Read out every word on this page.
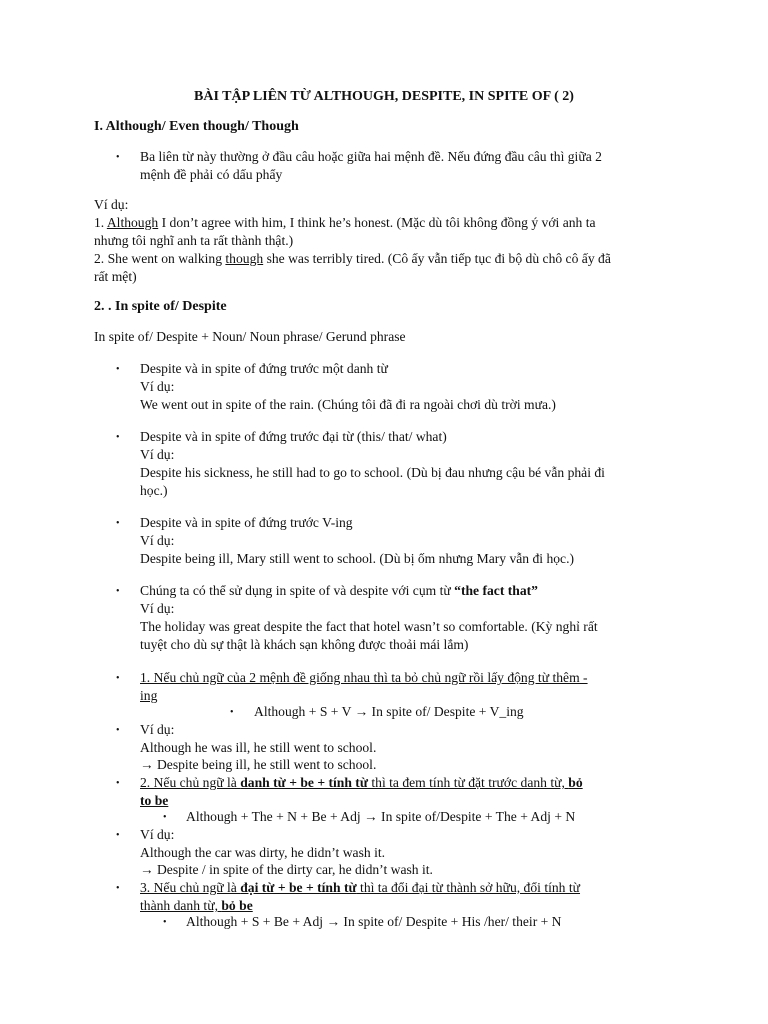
BÀI TẬP LIÊN TỪ ALTHOUGH, DESPITE, IN SPITE OF ( 2)
I. Although/ Even though/ Though
• Ba liên từ này thường ở đầu câu hoặc giữa hai mệnh đề. Nếu đứng đầu câu thì giữa 2
mệnh đề phải có dấu phẩy
Ví dụ:
1. Although I don’t agree with him, I think he’s honest. (Mặc dù tôi không đồng ý với anh ta
nhưng tôi nghĩ anh ta rất thành thật.)
2. She went on walking though she was terribly tired. (Cô ấy vẫn tiếp tục đi bộ dù chô cô ấy đã
rất mệt)
2. . In spite of/ Despite
In spite of/ Despite + Noun/ Noun phrase/ Gerund phrase
• Despite và in spite of đứng trước một danh từ
Ví dụ:
We went out in spite of the rain. (Chúng tôi đã đi ra ngoài chơi dù trời mưa.)
• Despite và in spite of đứng trước đại từ (this/ that/ what)
Ví dụ:
Despite his sickness, he still had to go to school. (Dù bị đau nhưng cậu bé vẫn phải đi
học.)
• Despite và in spite of đứng trước V-ing
Ví dụ:
Despite being ill, Mary still went to school. (Dù bị ốm nhưng Mary vẫn đi học.)
• Chúng ta có thể sử dụng in spite of và despite với cụm từ “the fact that”
Ví dụ:
The holiday was great despite the fact that hotel wasn’t so comfortable. (Kỳ nghỉ rất
tuyệt cho dù sự thật là khách sạn không được thoải mái lắm)
• 1. Nếu chủ ngữ của 2 mệnh đề giống nhau thì ta bỏ chủ ngữ rồi lấy động từ thêm -
ing
• Although + S + V → In spite of/ Despite + V_ing
• Ví dụ:
Although he was ill, he still went to school.
→ Despite being ill, he still went to school.
• 2. Nếu chủ ngữ là danh từ + be + tính từ thì ta đem tính từ đặt trước danh từ, bỏ
to be
• Although + The + N + Be + Adj → In spite of/Despite + The + Adj + N
• Ví dụ:
Although the car was dirty, he didn’t wash it.
→ Despite / in spite of the dirty car, he didn’t wash it.
• 3. Nếu chủ ngữ là đại từ + be + tính từ thì ta đổi đại từ thành sở hữu, đổi tính từ
thành danh từ, bỏ be
• Although + S + Be + Adj → In spite of/ Despite + His /her/ their + N
